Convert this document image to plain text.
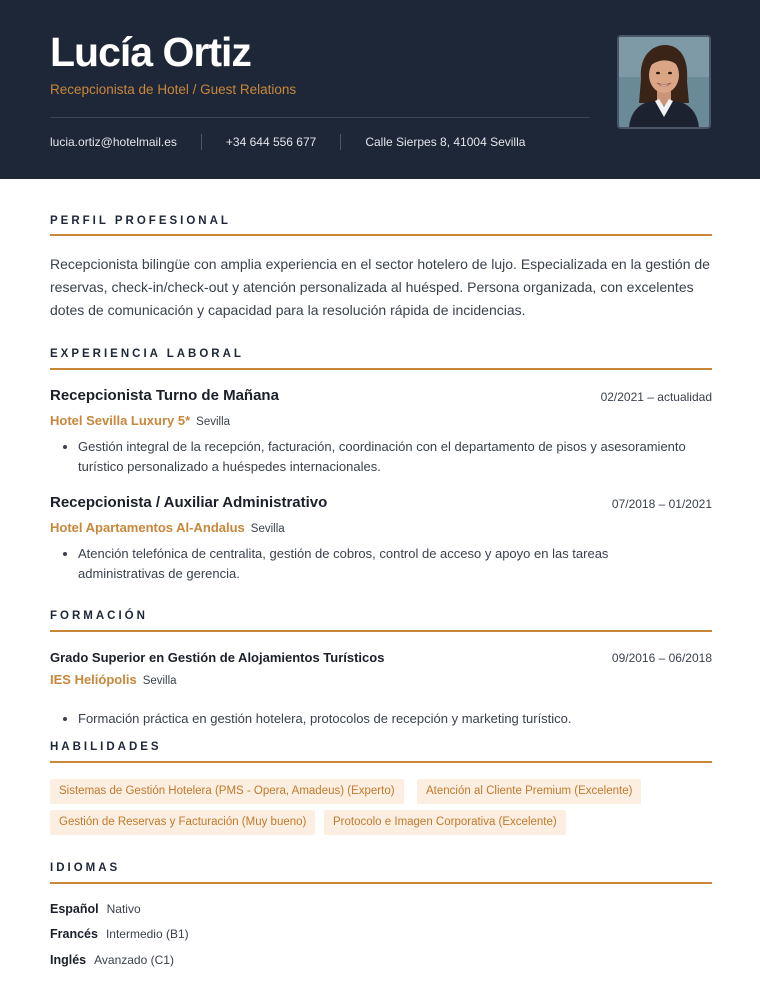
Lucía Ortiz
Recepcionista de Hotel / Guest Relations
lucia.ortiz@hotelmail.es	+34 644 556 677	Calle Sierpes 8, 41004 Sevilla
PERFIL PROFESIONAL
Recepcionista bilingüe con amplia experiencia en el sector hotelero de lujo. Especializada en la gestión de reservas, check-in/check-out y atención personalizada al huésped. Persona organizada, con excelentes dotes de comunicación y capacidad para la resolución rápida de incidencias.
EXPERIENCIA LABORAL
Recepcionista Turno de Mañana	02/2021 – actualidad
Hotel Sevilla Luxury 5* Sevilla
Gestión integral de la recepción, facturación, coordinación con el departamento de pisos y asesoramiento turístico personalizado a huéspedes internacionales.
Recepcionista / Auxiliar Administrativo	07/2018 – 01/2021
Hotel Apartamentos Al-Andalus Sevilla
Atención telefónica de centralita, gestión de cobros, control de acceso y apoyo en las tareas administrativas de gerencia.
FORMACIÓN
Grado Superior en Gestión de Alojamientos Turísticos	09/2016 – 06/2018
IES Heliópolis Sevilla
Formación práctica en gestión hotelera, protocolos de recepción y marketing turístico.
HABILIDADES
Sistemas de Gestión Hotelera (PMS - Opera, Amadeus) (Experto)	Atención al Cliente Premium (Excelente)
Gestión de Reservas y Facturación (Muy bueno)	Protocolo e Imagen Corporativa (Excelente)
IDIOMAS
Español Nativo
Francés Intermedio (B1)
Inglés Avanzado (C1)
